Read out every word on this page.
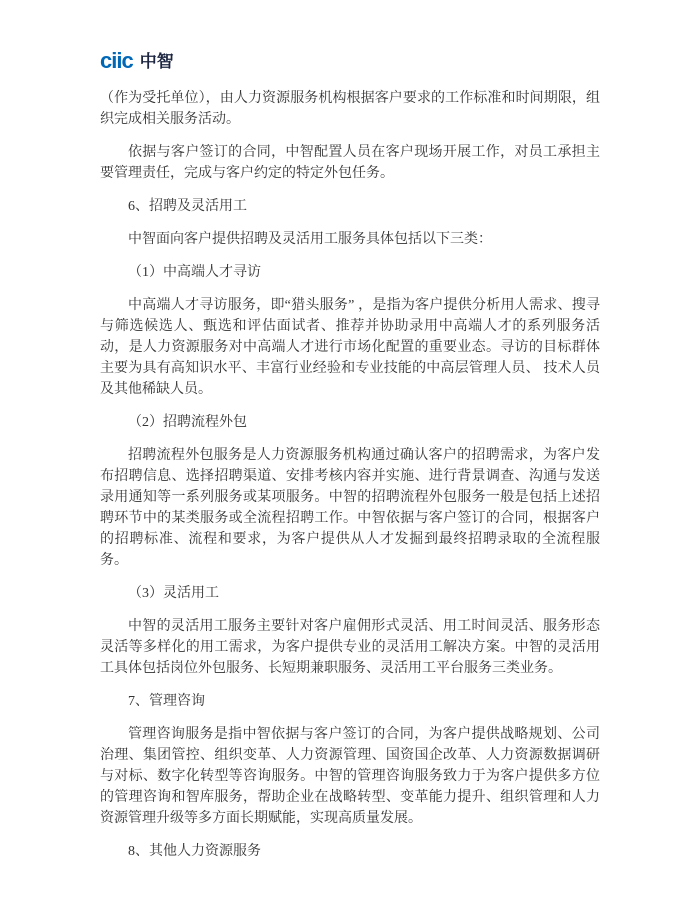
ciic 中智

（作为受托单位），由人力资源服务机构根据客户要求的工作标准和时间期限，组织完成相关服务活动。

依据与客户签订的合同，中智配置人员在客户现场开展工作，对员工承担主要管理责任，完成与客户约定的特定外包任务。

6、招聘及灵活用工

中智面向客户提供招聘及灵活用工服务具体包括以下三类：

（1）中高端人才寻访

中高端人才寻访服务，即“猎头服务” ，是指为客户提供分析用人需求、搜寻与筛选候选人、甄选和评估面试者、推荐并协助录用中高端人才的系列服务活动，是人力资源服务对中高端人才进行市场化配置的重要业态。寻访的目标群体主要为具有高知识水平、丰富行业经验和专业技能的中高层管理人员、 技术人员及其他稀缺人员。

（2）招聘流程外包

招聘流程外包服务是人力资源服务机构通过确认客户的招聘需求，为客户发布招聘信息、选择招聘渠道、安排考核内容并实施、进行背景调查、沟通与发送录用通知等一系列服务或某项服务。中智的招聘流程外包服务一般是包括上述招聘环节中的某类服务或全流程招聘工作。中智依据与客户签订的合同，根据客户的招聘标准、流程和要求，为客户提供从人才发掘到最终招聘录取的全流程服务。

（3）灵活用工

中智的灵活用工服务主要针对客户雇佣形式灵活、用工时间灵活、服务形态灵活等多样化的用工需求，为客户提供专业的灵活用工解决方案。中智的灵活用工具体包括岗位外包服务、长短期兼职服务、灵活用工平台服务三类业务。

7、管理咨询

管理咨询服务是指中智依据与客户签订的合同，为客户提供战略规划、公司治理、集团管控、组织变革、人力资源管理、国资国企改革、人力资源数据调研与对标、数字化转型等咨询服务。中智的管理咨询服务致力于为客户提供多方位的管理咨询和智库服务，帮助企业在战略转型、变革能力提升、组织管理和人力资源管理升级等多方面长期赋能，实现高质量发展。

8、其他人力资源服务
